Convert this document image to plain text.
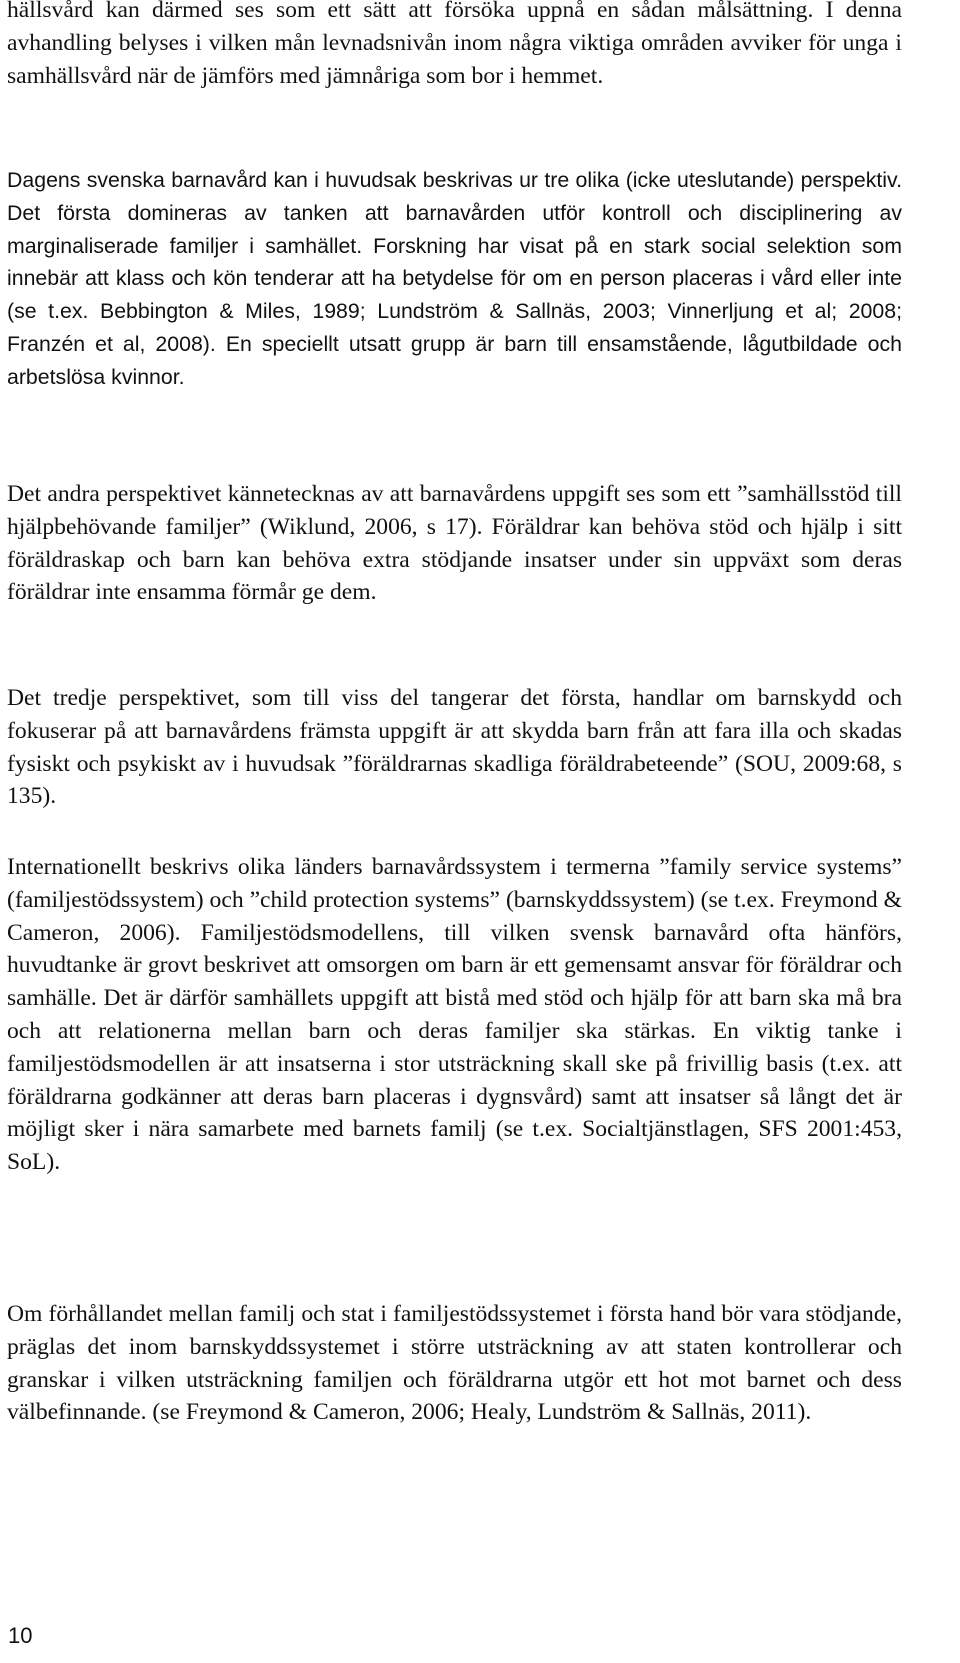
hällsvård kan därmed ses som ett sätt att försöka uppnå en sådan målsättning. I denna avhandling belyses i vilken mån levnadsnivån inom några viktiga områden avviker för unga i samhällsvård när de jämförs med jämnåriga som bor i hemmet.

Dagens svenska barnavård kan i huvudsak beskrivas ur tre olika (icke uteslutande) perspektiv. Det första domineras av tanken att barnavården utför kontroll och disciplinering av marginaliserade familjer i samhället. Forskning har visat på en stark social selektion som innebär att klass och kön tenderar att ha betydelse för om en person placeras i vård eller inte (se t.ex. Bebbington & Miles, 1989; Lundström & Sallnäs, 2003; Vinnerljung et al; 2008; Franzén et al, 2008). En speciellt utsatt grupp är barn till ensamstående, lågutbildade och arbetslösa kvinnor.

Det andra perspektivet kännetecknas av att barnavårdens uppgift ses som ett ”samhällsstöd till hjälpbehövande familjer” (Wiklund, 2006, s 17). Föräldrar kan behöva stöd och hjälp i sitt föräldraskap och barn kan behöva extra stödjande insatser under sin uppväxt som deras föräldrar inte ensamma förmår ge dem.

Det tredje perspektivet, som till viss del tangerar det första, handlar om barnskydd och fokuserar på att barnavårdens främsta uppgift är att skydda barn från att fara illa och skadas fysiskt och psykiskt av i huvudsak ”föräldrarnas skadliga föräldrabeteende” (SOU, 2009:68, s 135).

Internationellt beskrivs olika länders barnavårdssystem i termerna ”family service systems” (familjestödssystem) och ”child protection systems” (barnskyddssystem) (se t.ex. Freymond & Cameron, 2006). Familjestödsmodellens, till vilken svensk barnavård ofta hänförs, huvudtanke är grovt beskrivet att omsorgen om barn är ett gemensamt ansvar för föräldrar och samhälle. Det är därför samhällets uppgift att bistå med stöd och hjälp för att barn ska må bra och att relationerna mellan barn och deras familjer ska stärkas. En viktig tanke i familjestödsmodellen är att insatserna i stor utsträckning skall ske på frivillig basis (t.ex. att föräldrarna godkänner att deras barn placeras i dygnsvård) samt att insatser så långt det är möjligt sker i nära samarbete med barnets familj (se t.ex. Socialtjänstlagen, SFS 2001:453, SoL).

Om förhållandet mellan familj och stat i familjestödssystemet i första hand bör vara stödjande, präglas det inom barnskyddssystemet i större utsträckning av att staten kontrollerar och granskar i vilken utsträckning familjen och föräldrarna utgör ett hot mot barnet och dess välbefinnande. (se Freymond & Cameron, 2006; Healy, Lundström & Sallnäs, 2011).

10
